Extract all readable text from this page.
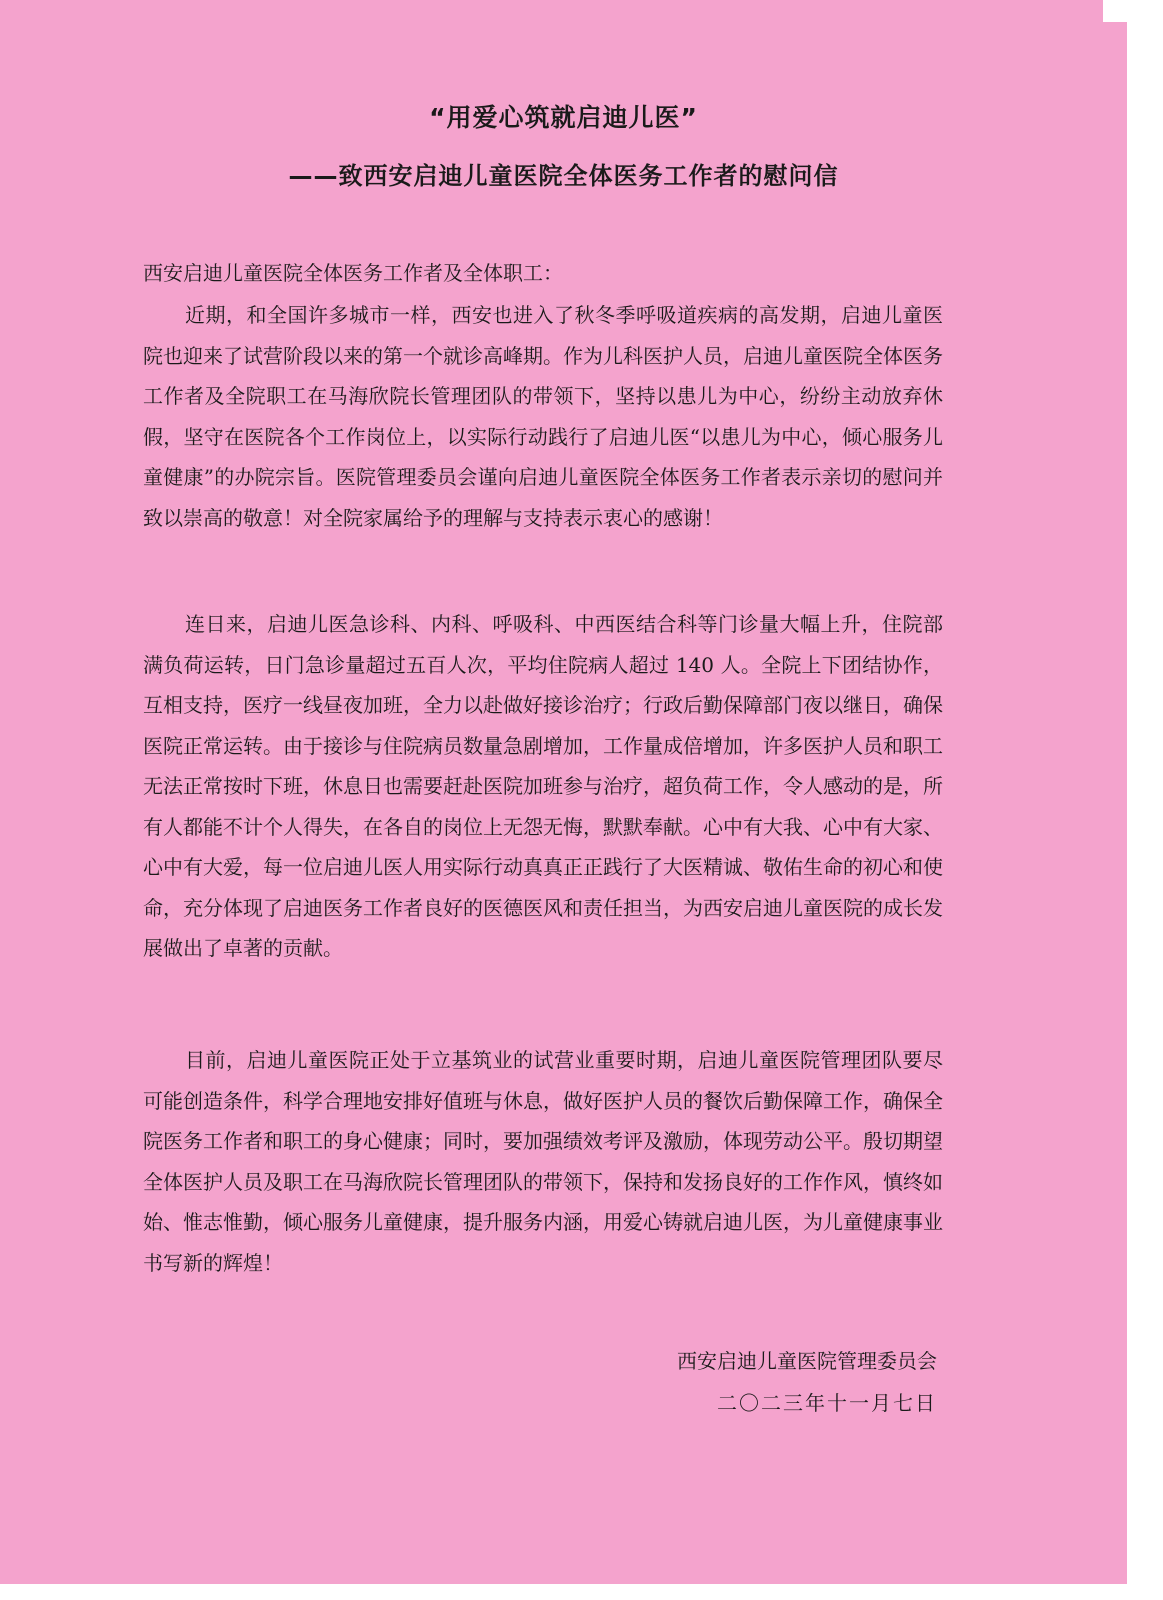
“用爱心筑就启迪儿医”
——致西安启迪儿童医院全体医务工作者的慰问信
西安启迪儿童医院全体医务工作者及全体职工：

近期，和全国许多城市一样，西安也进入了秋冬季呼吸道疾病的高发期，启迪儿童医院也迎来了试营阶段以来的第一个就诊高峰期。作为儿科医护人员，启迪儿童医院全体医务工作者及全院职工在马海欣院长管理团队的带领下，坚持以患儿为中心，纷纷主动放弃休假，坚守在医院各个工作岗位上，以实际行动践行了启迪儿医“以患儿为中心，倾心服务儿童健康”的办院宗旨。医院管理委员会谨向启迪儿童医院全体医务工作者表示亲切的慰问并致以崇高的敬意！对全院家属给予的理解与支持表示衷心的感谢！

连日来，启迪儿医急诊科、内科、呼吸科、中西医结合科等门诊量大幅上升，住院部满负荷运转，日门急诊量超过五百人次，平均住院病人超过 140 人。全院上下团结协作，互相支持，医疗一线昼夜加班，全力以赴做好接诊治疗；行政后勤保障部门夜以继日，确保医院正常运转。由于接诊与住院病员数量急剧增加，工作量成倍增加，许多医护人员和职工无法正常按时下班，休息日也需要赶赴医院加班参与治疗，超负荷工作，令人感动的是，所有人都能不计个人得失，在各自的岗位上无怨无悔，默默奉献。心中有大我、心中有大家、心中有大爱，每一位启迪儿医人用实际行动真真正正践行了大医精诚、敬佑生命的初心和使命，充分体现了启迪医务工作者良好的医德医风和责任担当，为西安启迪儿童医院的成长发展做出了卓著的贡献。

目前，启迪儿童医院正处于立基筑业的试营业重要时期，启迪儿童医院管理团队要尽可能创造条件，科学合理地安排好值班与休息，做好医护人员的餐饮后勤保障工作，确保全院医务工作者和职工的身心健康；同时，要加强绩效考评及激励，体现劳动公平。殷切期望全体医护人员及职工在马海欣院长管理团队的带领下，保持和发扬良好的工作作风，慎终如始、惟志惟勤，倾心服务儿童健康，提升服务内涵，用爱心铸就启迪儿医，为儿童健康事业书写新的辉煌！

西安启迪儿童医院管理委员会
二〇二三年十一月七日
